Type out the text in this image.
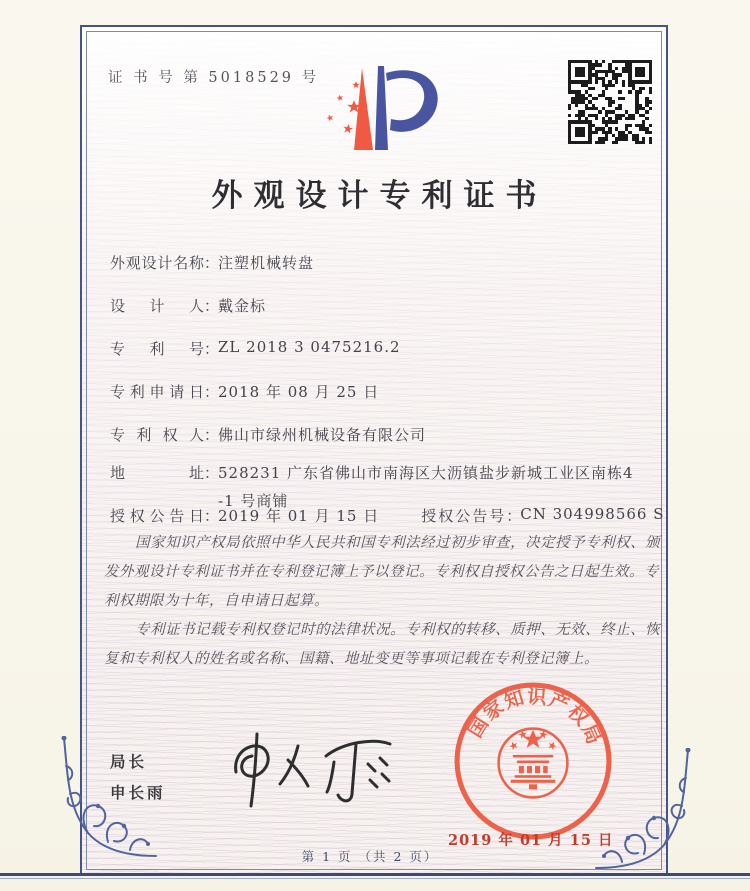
证 书 号 第 5018529 号
外观设计专利证书
外观设计名称：注塑机械转盘
设计人：戴金标
专利号：ZL 2018 3 0475216.2
专利申请日：2018 年 08 月 25 日
专利权人：佛山市绿州机械设备有限公司
地址：528231 广东省佛山市南海区大沥镇盐步新城工业区南栋4
-1 号商铺
授权公告日：2019 年 01 月 15 日	授权公告号：CN 304998566 S

国家知识产权局依照中华人民共和国专利法经过初步审查，决定授予专利权、颁发外观设计专利证书并在专利登记簿上予以登记。专利权自授权公告之日起生效。专利权期限为十年，自申请日起算。

专利证书记载专利权登记时的法律状况。专利权的转移、质押、无效、终止、恢复和专利权人的姓名或名称、国籍、地址变更等事项记载在专利登记簿上。

局长
申长雨
国家知识产权局
2019 年 01 月 15 日
第 1 页 （共 2 页）
